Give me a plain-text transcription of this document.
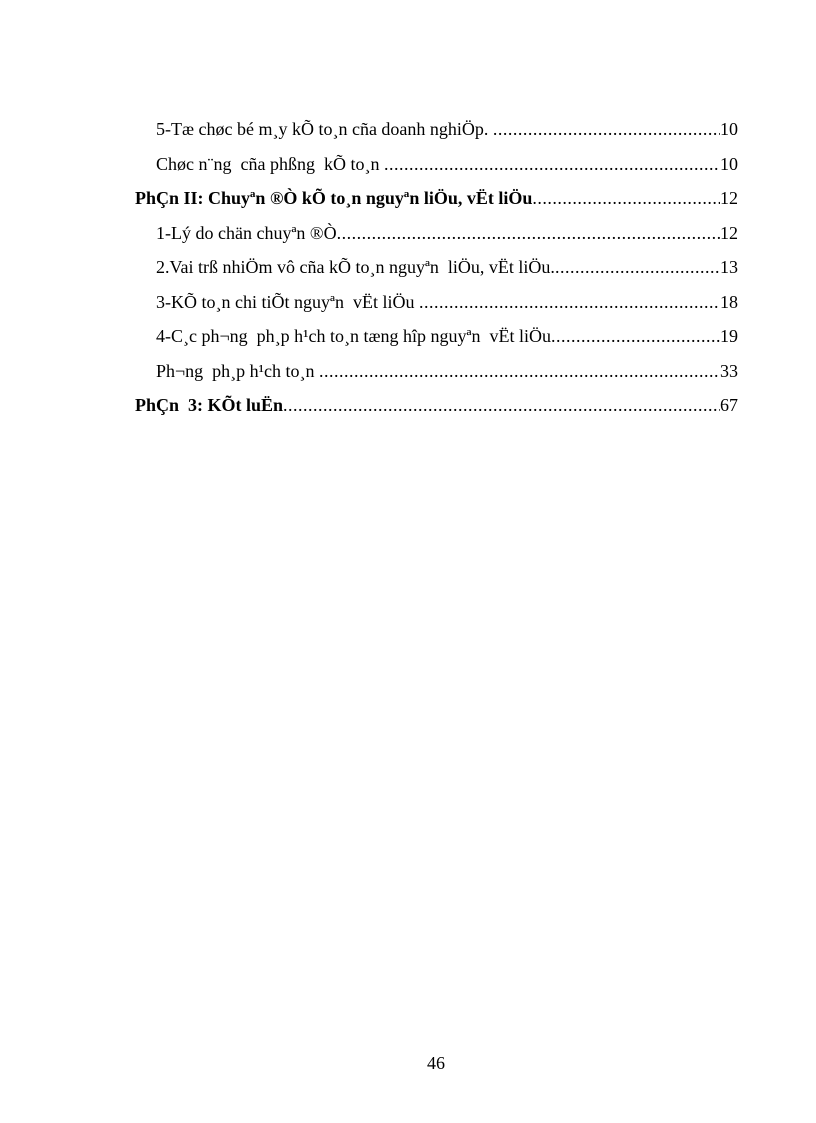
5-Tæ chøc bé m¸y kÕ to¸n cña doanh nghiÖp. .....	10
Chøc n¨ng  cña phßng  kÕ to¸n .....	10
PhÇn II: Chuyªn ®Ò kÕ to¸n nguyªn liÖu, vËt liÖu .....	12
1-Lý do chän chuyªn ®Ò .....	12
2.Vai trß nhiÖm vô cña kÕ to¸n nguyªn  liÖu, vËt liÖu. .....	13
3-KÕ to¸n chi tiÕt nguyªn  vËt liÖu .....	18
4-C¸c ph¬ng  ph¸p h¹ch to¸n tæng hîp nguyªn  vËt liÖu .....	19
Ph¬ng  ph¸p h¹ch to¸n .....	33
PhÇn  3: KÕt luËn .....	67
46
